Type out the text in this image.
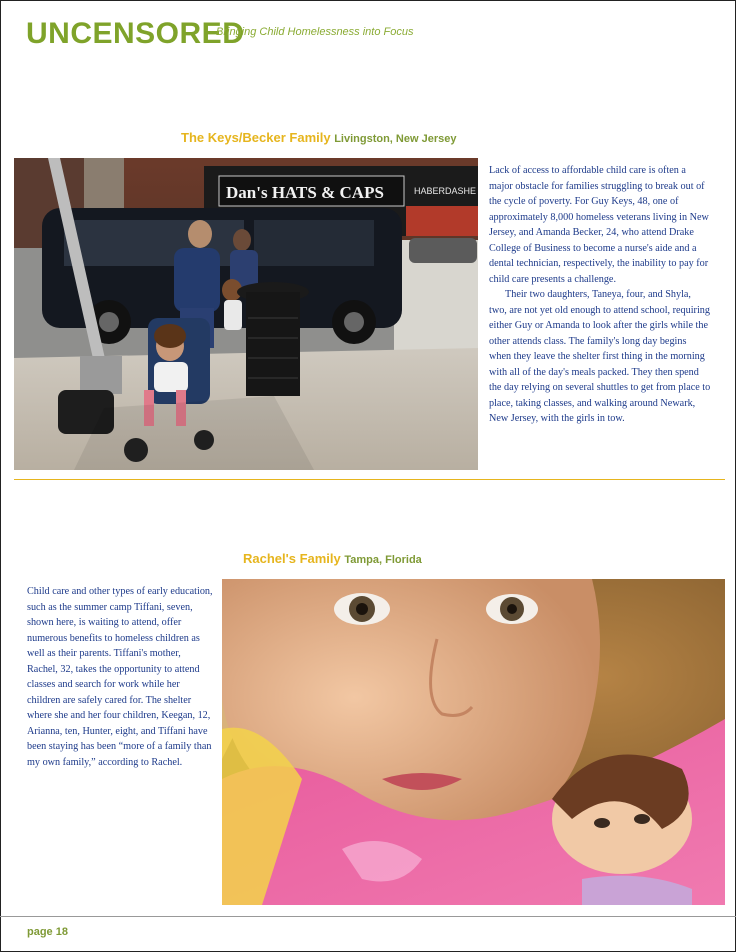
UNCENSORED
Bringing Child Homelessness into Focus
The Keys/Becker Family Livingston, New Jersey
Dan's HATS & CAPS	HABERDASHE

Lack of access to affordable child care is often a major obstacle for families struggling to break out of the cycle of poverty. For Guy Keys, 48, one of approximately 8,000 homeless veterans living in New Jersey, and Amanda Becker, 24, who attend Drake College of Business to become a nurse's aide and a dental technician, respectively, the inability to pay for child care presents a challenge.

Their two daughters, Taneya, four, and Shyla, two, are not yet old enough to attend school, requiring either Guy or Amanda to look after the girls while the other attends class. The family's long day begins when they leave the shelter first thing in the morning with all of the day's meals packed. They then spend the day relying on several shuttles to get from place to place, taking classes, and walking around Newark, New Jersey, with the girls in tow.

Rachel's Family Tampa, Florida

Child care and other types of early education, such as the summer camp Tiffani, seven, shown here, is waiting to attend, offer numerous benefits to homeless children as well as their parents. Tiffani's mother, Rachel, 32, takes the opportunity to attend classes and search for work while her children are safely cared for. The shelter where she and her four children, Keegan, 12, Arianna, ten, Hunter, eight, and Tiffani have been staying has been “more of a family than my own family,” according to Rachel.

page 18
